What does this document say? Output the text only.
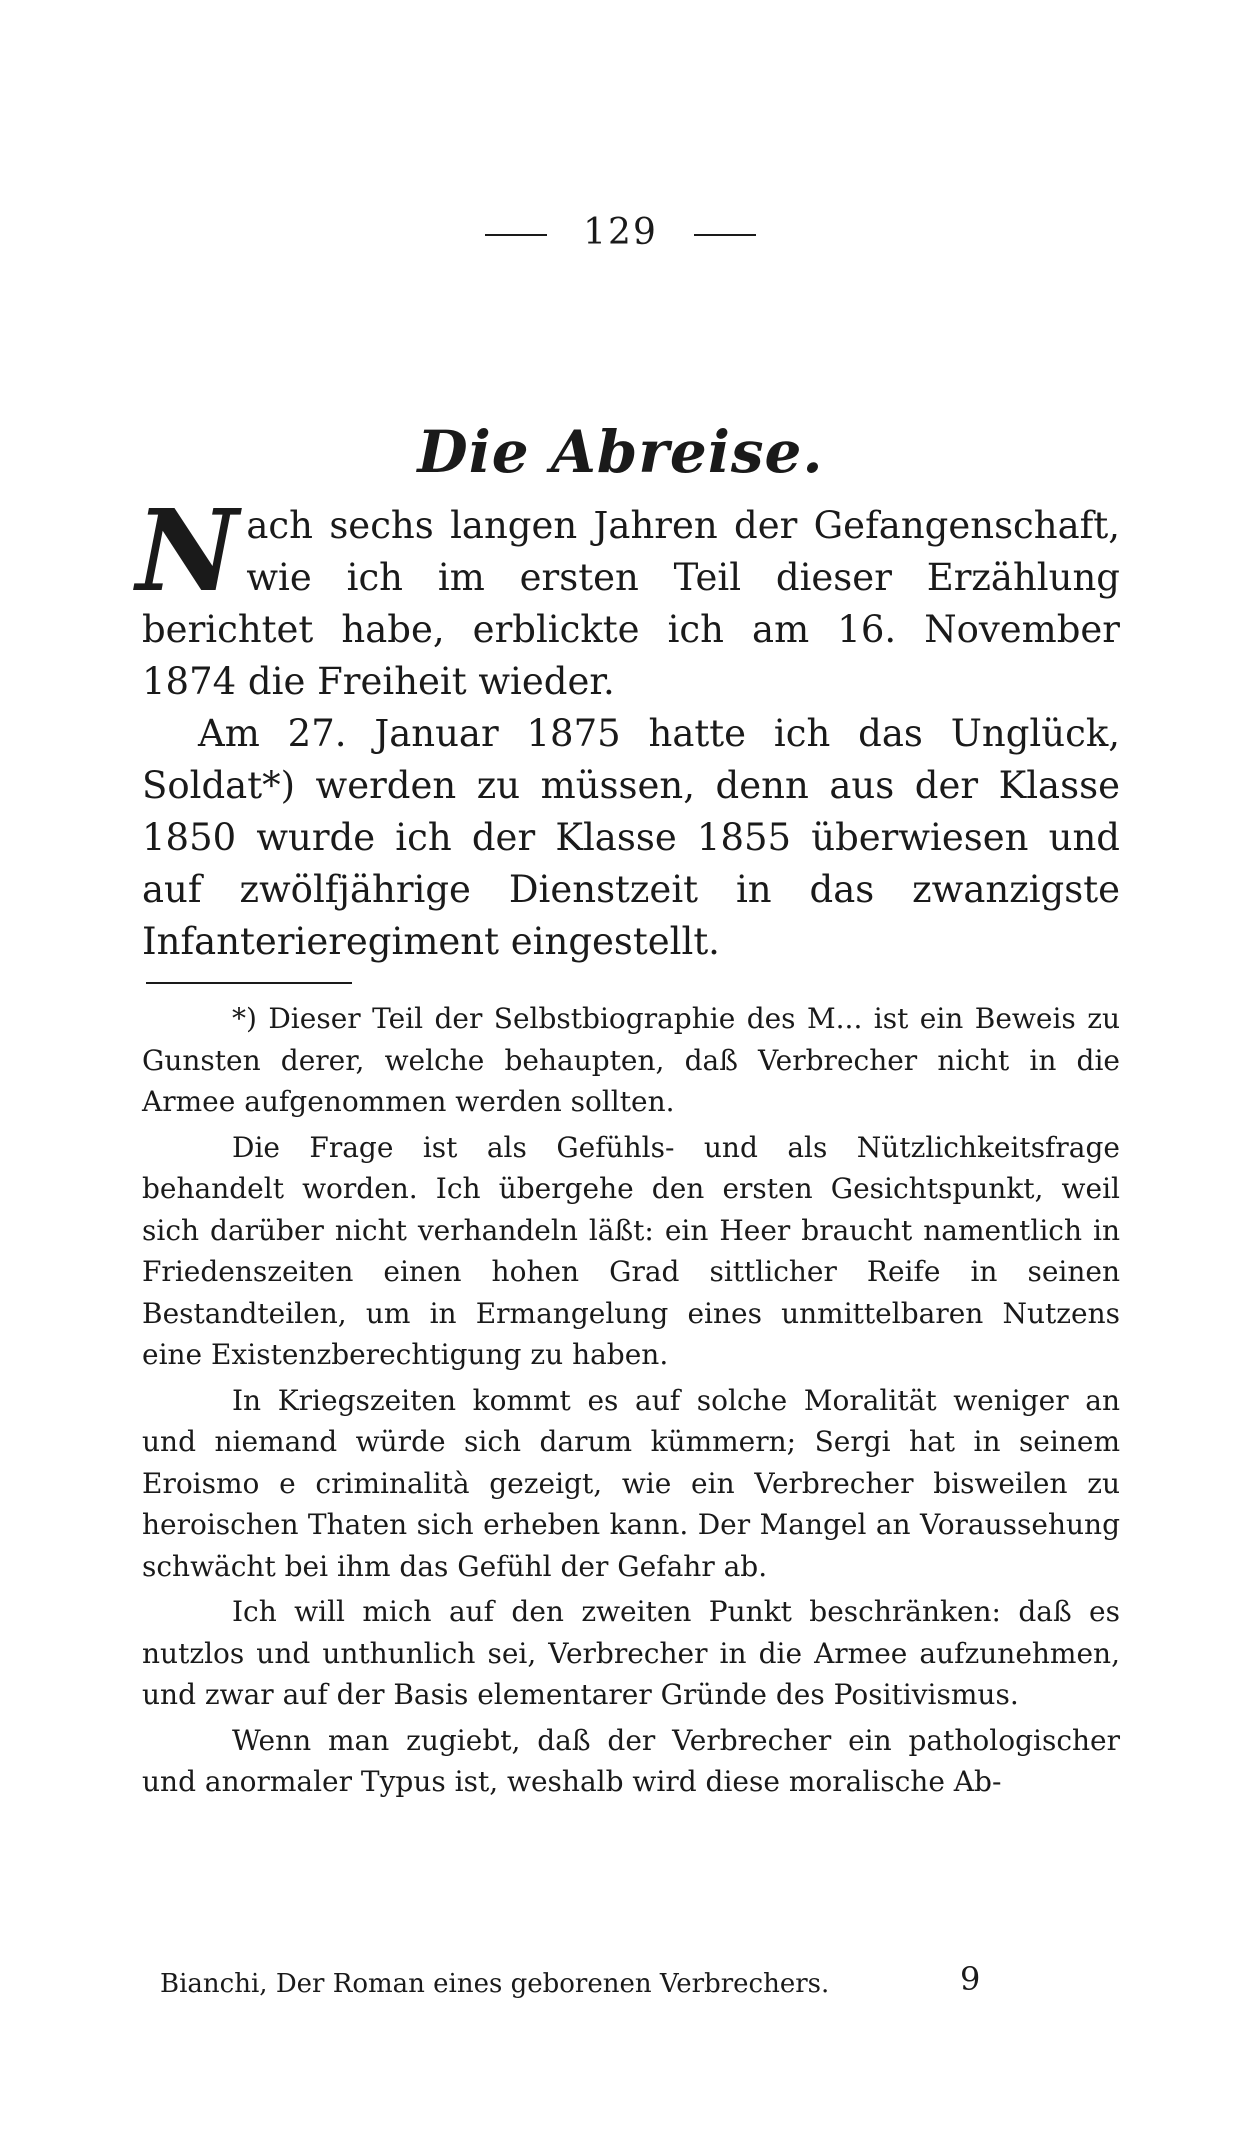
129
Die Abreise.

Nach sechs langen Jahren der Gefangenschaft, wie ich im ersten Teil dieser Erzählung berichtet habe, erblickte ich am 16. November 1874 die Freiheit wieder.

Am 27. Januar 1875 hatte ich das Unglück, Soldat*) werden zu müssen, denn aus der Klasse 1850 wurde ich der Klasse 1855 überwiesen und auf zwölfjährige Dienstzeit in das zwanzigste Infanterieregiment eingestellt.

*) Dieser Teil der Selbstbiographie des M... ist ein Beweis zu Gunsten derer, welche behaupten, daß Verbrecher nicht in die Armee aufgenommen werden sollten.

Die Frage ist als Gefühls- und als Nützlichkeitsfrage behandelt worden. Ich übergehe den ersten Gesichtspunkt, weil sich darüber nicht verhandeln läßt: ein Heer braucht namentlich in Friedenszeiten einen hohen Grad sittlicher Reife in seinen Bestandteilen, um in Ermangelung eines unmittelbaren Nutzens eine Existenzberechtigung zu haben.

In Kriegszeiten kommt es auf solche Moralität weniger an und niemand würde sich darum kümmern; Sergi hat in seinem Eroismo e criminalità gezeigt, wie ein Verbrecher bisweilen zu heroischen Thaten sich erheben kann. Der Mangel an Voraussehung schwächt bei ihm das Gefühl der Gefahr ab.

Ich will mich auf den zweiten Punkt beschränken: daß es nutzlos und unthunlich sei, Verbrecher in die Armee aufzunehmen, und zwar auf der Basis elementarer Gründe des Positivismus.

Wenn man zugiebt, daß der Verbrecher ein pathologischer und anormaler Typus ist, weshalb wird diese moralische Ab-

Bianchi, Der Roman eines geborenen Verbrechers.	9
